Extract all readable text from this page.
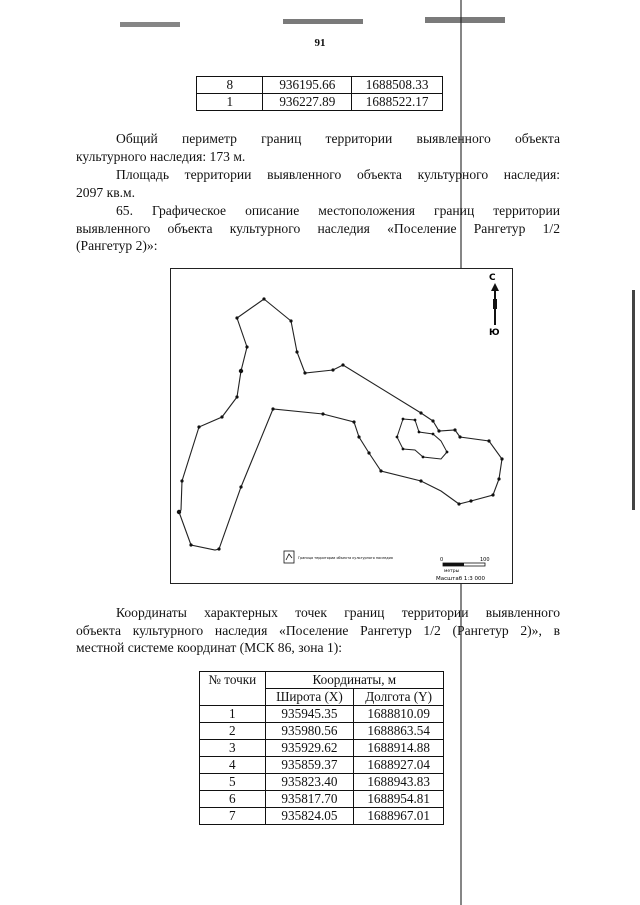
91
8	936195.66	1688508.33
1	936227.89	1688522.17
Общий периметр границ территории выявленного объекта
культурного наследия: 173 м.
Площадь территории выявленного объекта культурного наследия:
2097 кв.м.
65. Графическое описание местоположения границ территории
выявленного объекта культурного наследия «Поселение Рангетур 1/2
(Рангетур 2)»:
С
Ю
Граница территории объекта культурного наследия	0	100
метры
Масштаб 1:3 000
Координаты характерных точек границ территории выявленного
объекта культурного наследия «Поселение Рангетур 1/2 (Рангетур 2)», в
местной системе координат (МСК 86, зона 1):
№ точки	Координаты, м	
	Широта (X)	Долгота (Y)
1	935945.35	1688810.09
2	935980.56	1688863.54
3	935929.62	1688914.88
4	935859.37	1688927.04
5	935823.40	1688943.83
6	935817.70	1688954.81
7	935824.05	1688967.01
